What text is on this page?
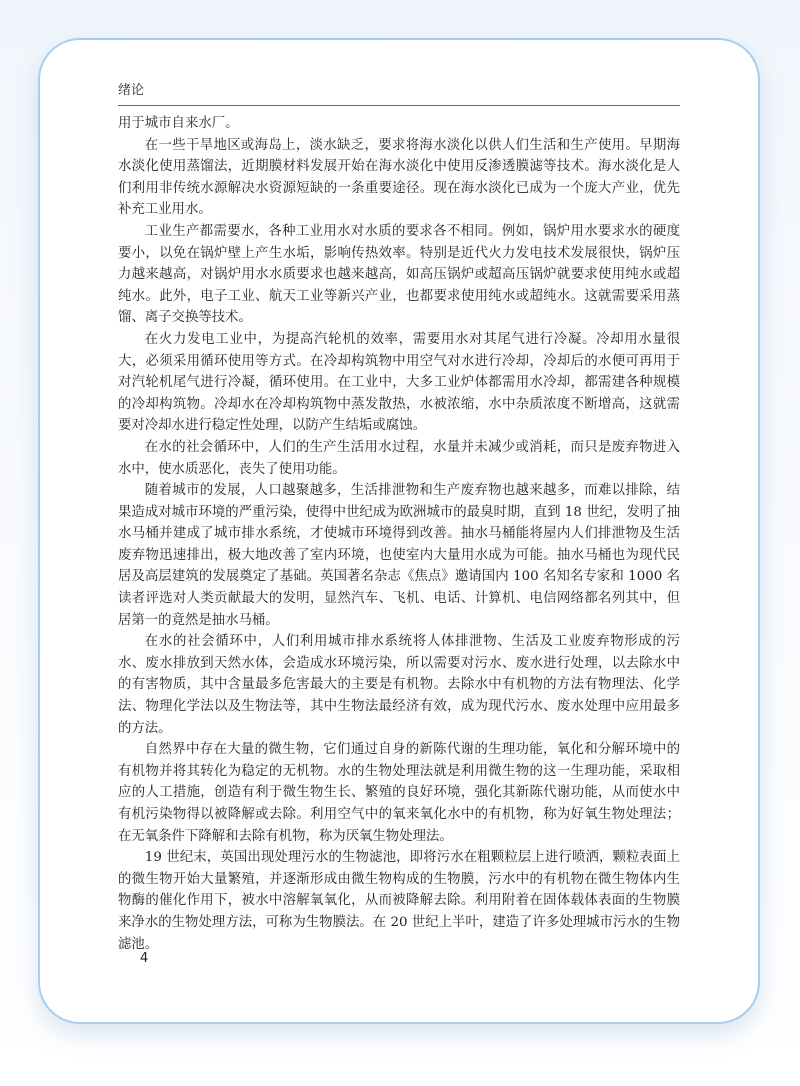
绪论

用于城市自来水厂。

在一些干旱地区或海岛上，淡水缺乏，要求将海水淡化以供人们生活和生产使用。早期海水淡化使用蒸馏法，近期膜材料发展开始在海水淡化中使用反渗透膜滤等技术。海水淡化是人们利用非传统水源解决水资源短缺的一条重要途径。现在海水淡化已成为一个庞大产业，优先补充工业用水。

工业生产都需要水，各种工业用水对水质的要求各不相同。例如，锅炉用水要求水的硬度要小，以免在锅炉壁上产生水垢，影响传热效率。特别是近代火力发电技术发展很快，锅炉压力越来越高，对锅炉用水水质要求也越来越高，如高压锅炉或超高压锅炉就要求使用纯水或超纯水。此外，电子工业、航天工业等新兴产业，也都要求使用纯水或超纯水。这就需要采用蒸馏、离子交换等技术。

在火力发电工业中，为提高汽轮机的效率，需要用水对其尾气进行冷凝。冷却用水量很大，必须采用循环使用等方式。在冷却构筑物中用空气对水进行冷却，冷却后的水便可再用于对汽轮机尾气进行冷凝，循环使用。在工业中，大多工业炉体都需用水冷却，都需建各种规模的冷却构筑物。冷却水在冷却构筑物中蒸发散热，水被浓缩，水中杂质浓度不断增高，这就需要对冷却水进行稳定性处理，以防产生结垢或腐蚀。

在水的社会循环中，人们的生产生活用水过程，水量并未减少或消耗，而只是废弃物进入水中，使水质恶化，丧失了使用功能。

随着城市的发展，人口越聚越多，生活排泄物和生产废弃物也越来越多，而难以排除，结果造成对城市环境的严重污染，使得中世纪成为欧洲城市的最臭时期，直到 18 世纪，发明了抽水马桶并建成了城市排水系统，才使城市环境得到改善。抽水马桶能将屋内人们排泄物及生活废弃物迅速排出，极大地改善了室内环境，也使室内大量用水成为可能。抽水马桶也为现代民居及高层建筑的发展奠定了基础。英国著名杂志《焦点》邀请国内 100 名知名专家和 1000 名读者评选对人类贡献最大的发明，显然汽车、飞机、电话、计算机、电信网络都名列其中，但居第一的竟然是抽水马桶。

在水的社会循环中，人们利用城市排水系统将人体排泄物、生活及工业废弃物形成的污水、废水排放到天然水体，会造成水环境污染，所以需要对污水、废水进行处理，以去除水中的有害物质，其中含量最多危害最大的主要是有机物。去除水中有机物的方法有物理法、化学法、物理化学法以及生物法等，其中生物法最经济有效，成为现代污水、废水处理中应用最多的方法。

自然界中存在大量的微生物，它们通过自身的新陈代谢的生理功能，氧化和分解环境中的有机物并将其转化为稳定的无机物。水的生物处理法就是利用微生物的这一生理功能，采取相应的人工措施，创造有利于微生物生长、繁殖的良好环境，强化其新陈代谢功能，从而使水中有机污染物得以被降解或去除。利用空气中的氧来氧化水中的有机物，称为好氧生物处理法；在无氧条件下降解和去除有机物，称为厌氧生物处理法。

19 世纪末，英国出现处理污水的生物滤池，即将污水在粗颗粒层上进行喷洒，颗粒表面上的微生物开始大量繁殖，并逐渐形成由微生物构成的生物膜，污水中的有机物在微生物体内生物酶的催化作用下，被水中溶解氧氧化，从而被降解去除。利用附着在固体载体表面的生物膜来净水的生物处理方法，可称为生物膜法。在 20 世纪上半叶，建造了许多处理城市污水的生物滤池。

4
